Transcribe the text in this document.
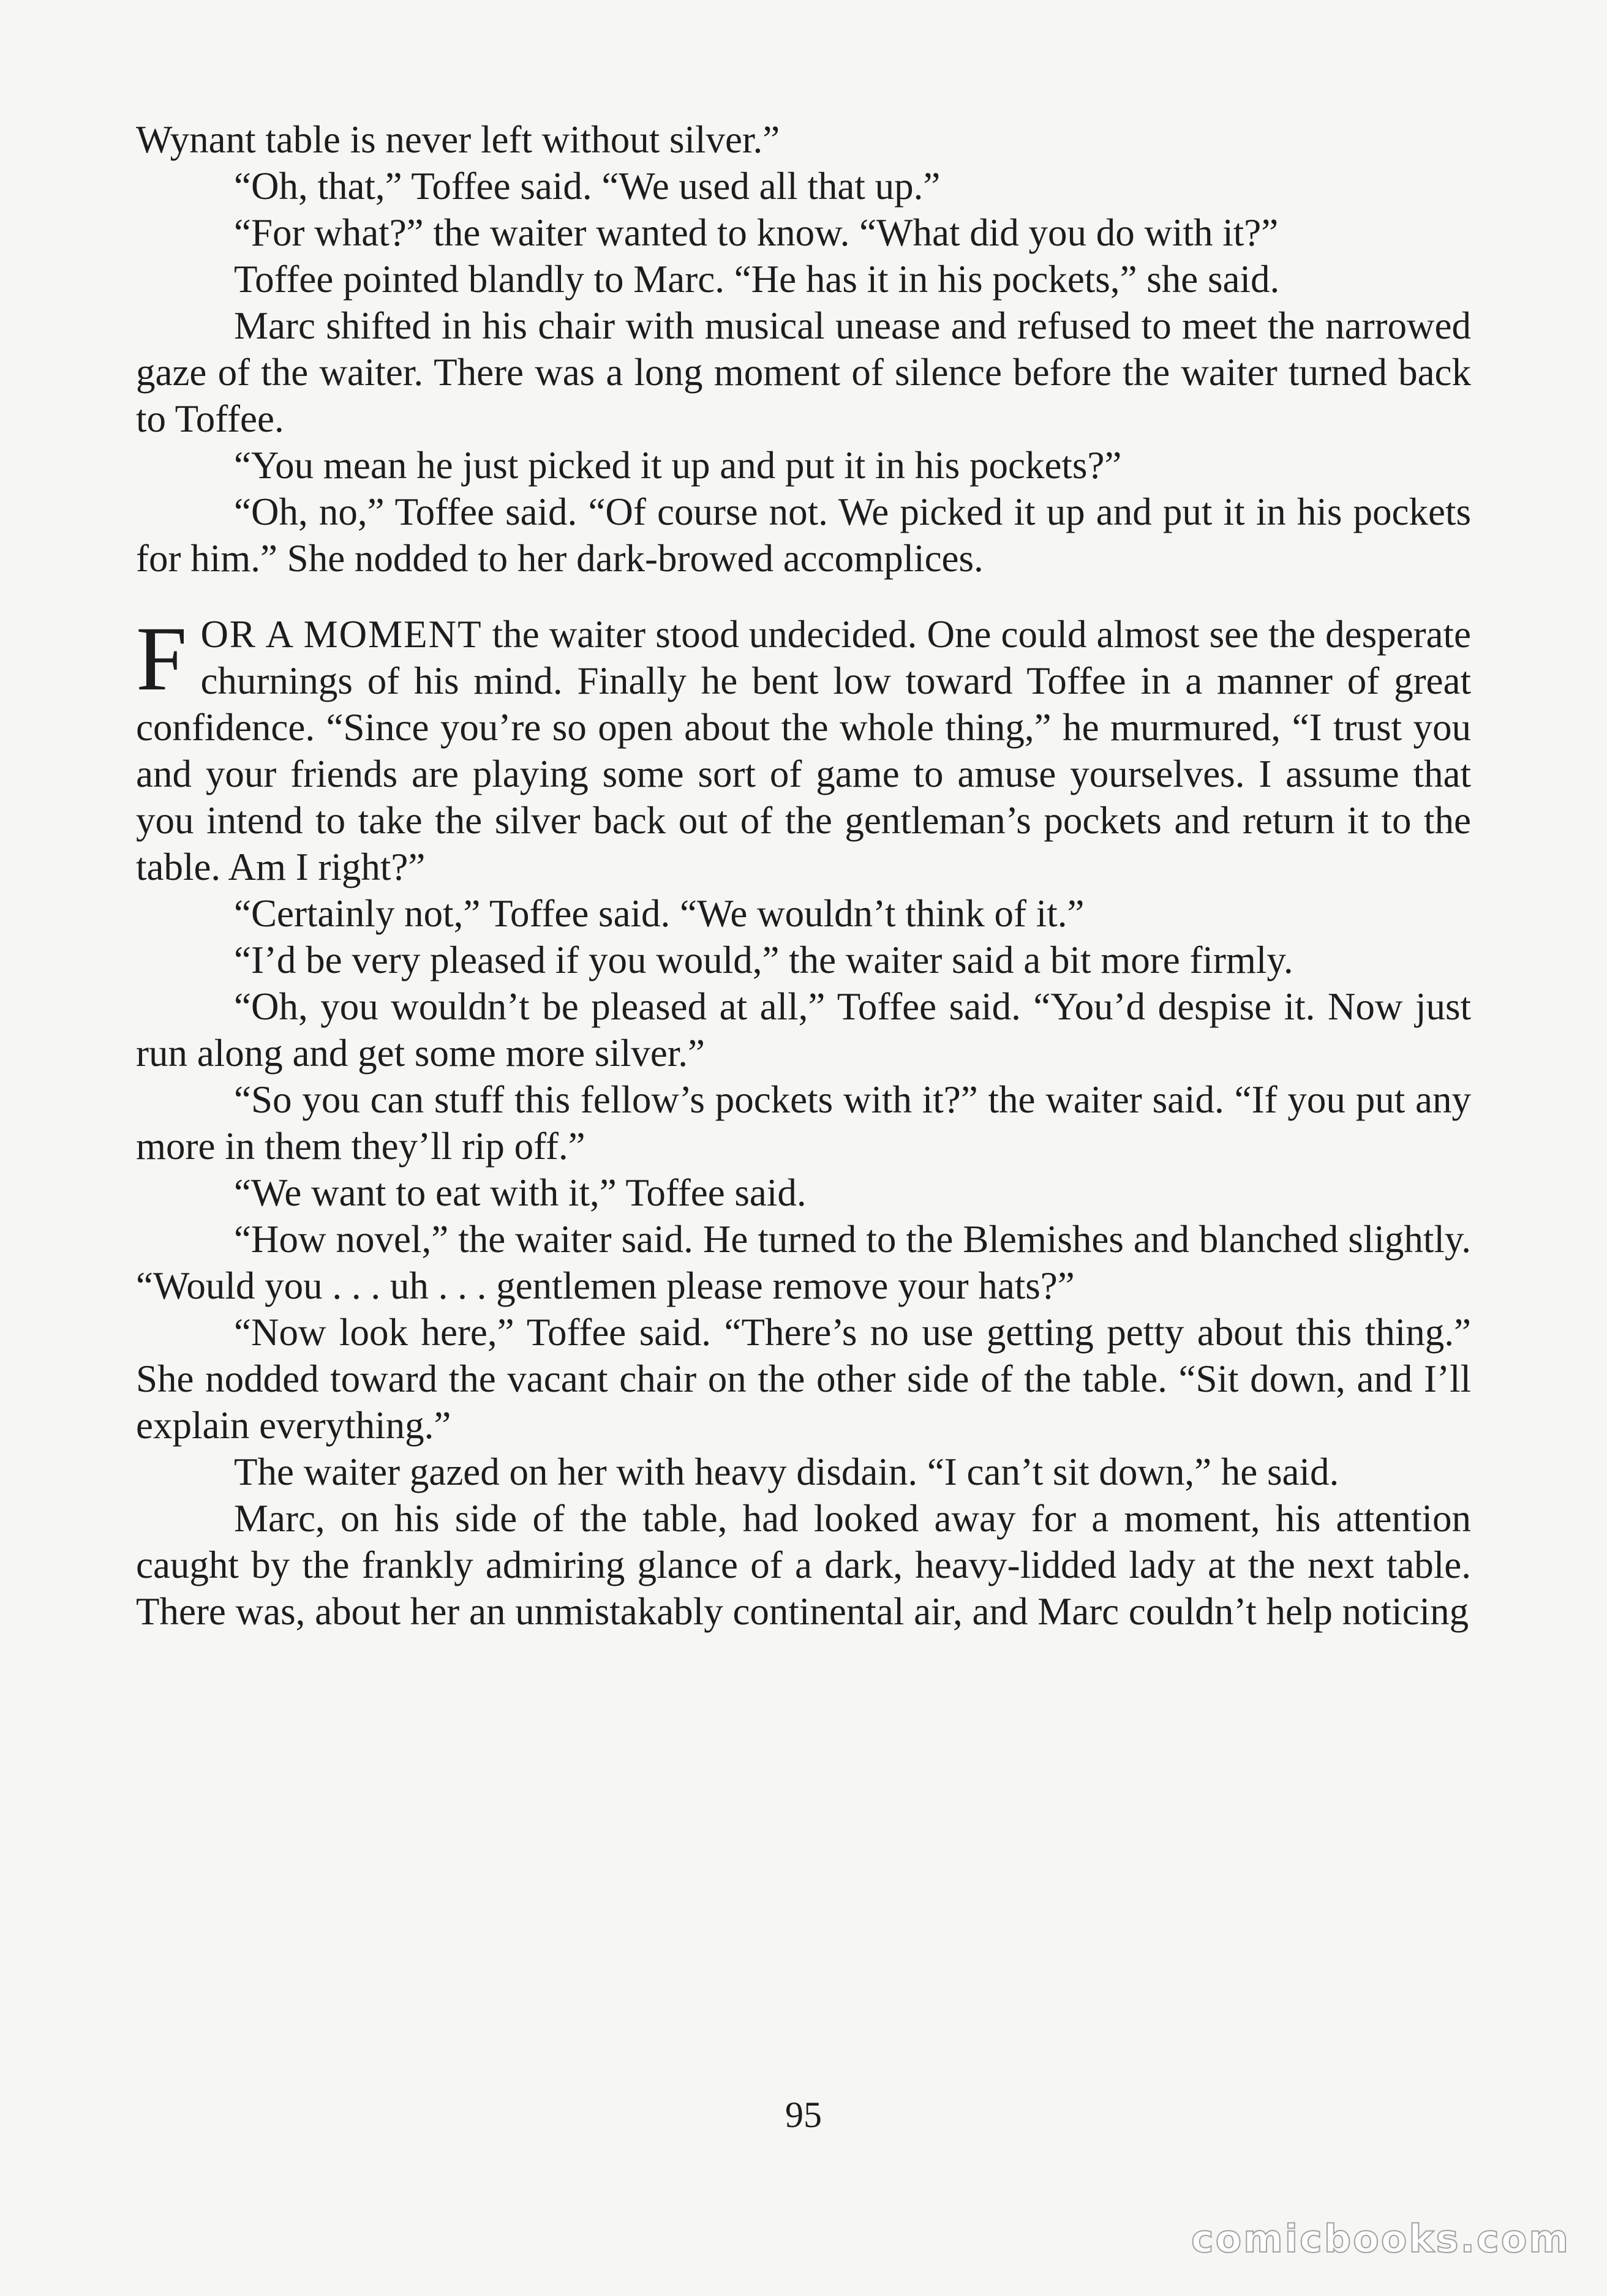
Wynant table is never left without silver.”

“Oh, that,” Toffee said. “We used all that up.”

“For what?” the waiter wanted to know. “What did you do with it?”

Toffee pointed blandly to Marc. “He has it in his pockets,” she said.

Marc shifted in his chair with musical unease and refused to meet the narrowed gaze of the waiter. There was a long moment of silence before the waiter turned back to Toffee.

“You mean he just picked it up and put it in his pockets?”

“Oh, no,” Toffee said. “Of course not. We picked it up and put it in his pockets for him.” She nodded to her dark-browed accomplices.

FOR A MOMENT the waiter stood undecided. One could almost see the desperate churnings of his mind. Finally he bent low toward Toffee in a manner of great confidence. “Since you’re so open about the whole thing,” he murmured, “I trust you and your friends are playing some sort of game to amuse yourselves. I assume that you intend to take the silver back out of the gentleman’s pockets and return it to the table. Am I right?”

“Certainly not,” Toffee said. “We wouldn’t think of it.”

“I’d be very pleased if you would,” the waiter said a bit more firmly.

“Oh, you wouldn’t be pleased at all,” Toffee said. “You’d despise it. Now just run along and get some more silver.”

“So you can stuff this fellow’s pockets with it?” the waiter said. “If you put any more in them they’ll rip off.”

“We want to eat with it,” Toffee said.

“How novel,” the waiter said. He turned to the Blemishes and blanched slightly. “Would you . . . uh . . . gentlemen please remove your hats?”

“Now look here,” Toffee said. “There’s no use getting petty about this thing.” She nodded toward the vacant chair on the other side of the table. “Sit down, and I’ll explain everything.”

The waiter gazed on her with heavy disdain. “I can’t sit down,” he said.

Marc, on his side of the table, had looked away for a moment, his attention caught by the frankly admiring glance of a dark, heavy-lidded lady at the next table. There was, about her an unmistakably continental air, and Marc couldn’t help noticing

95
comicbooks.com
